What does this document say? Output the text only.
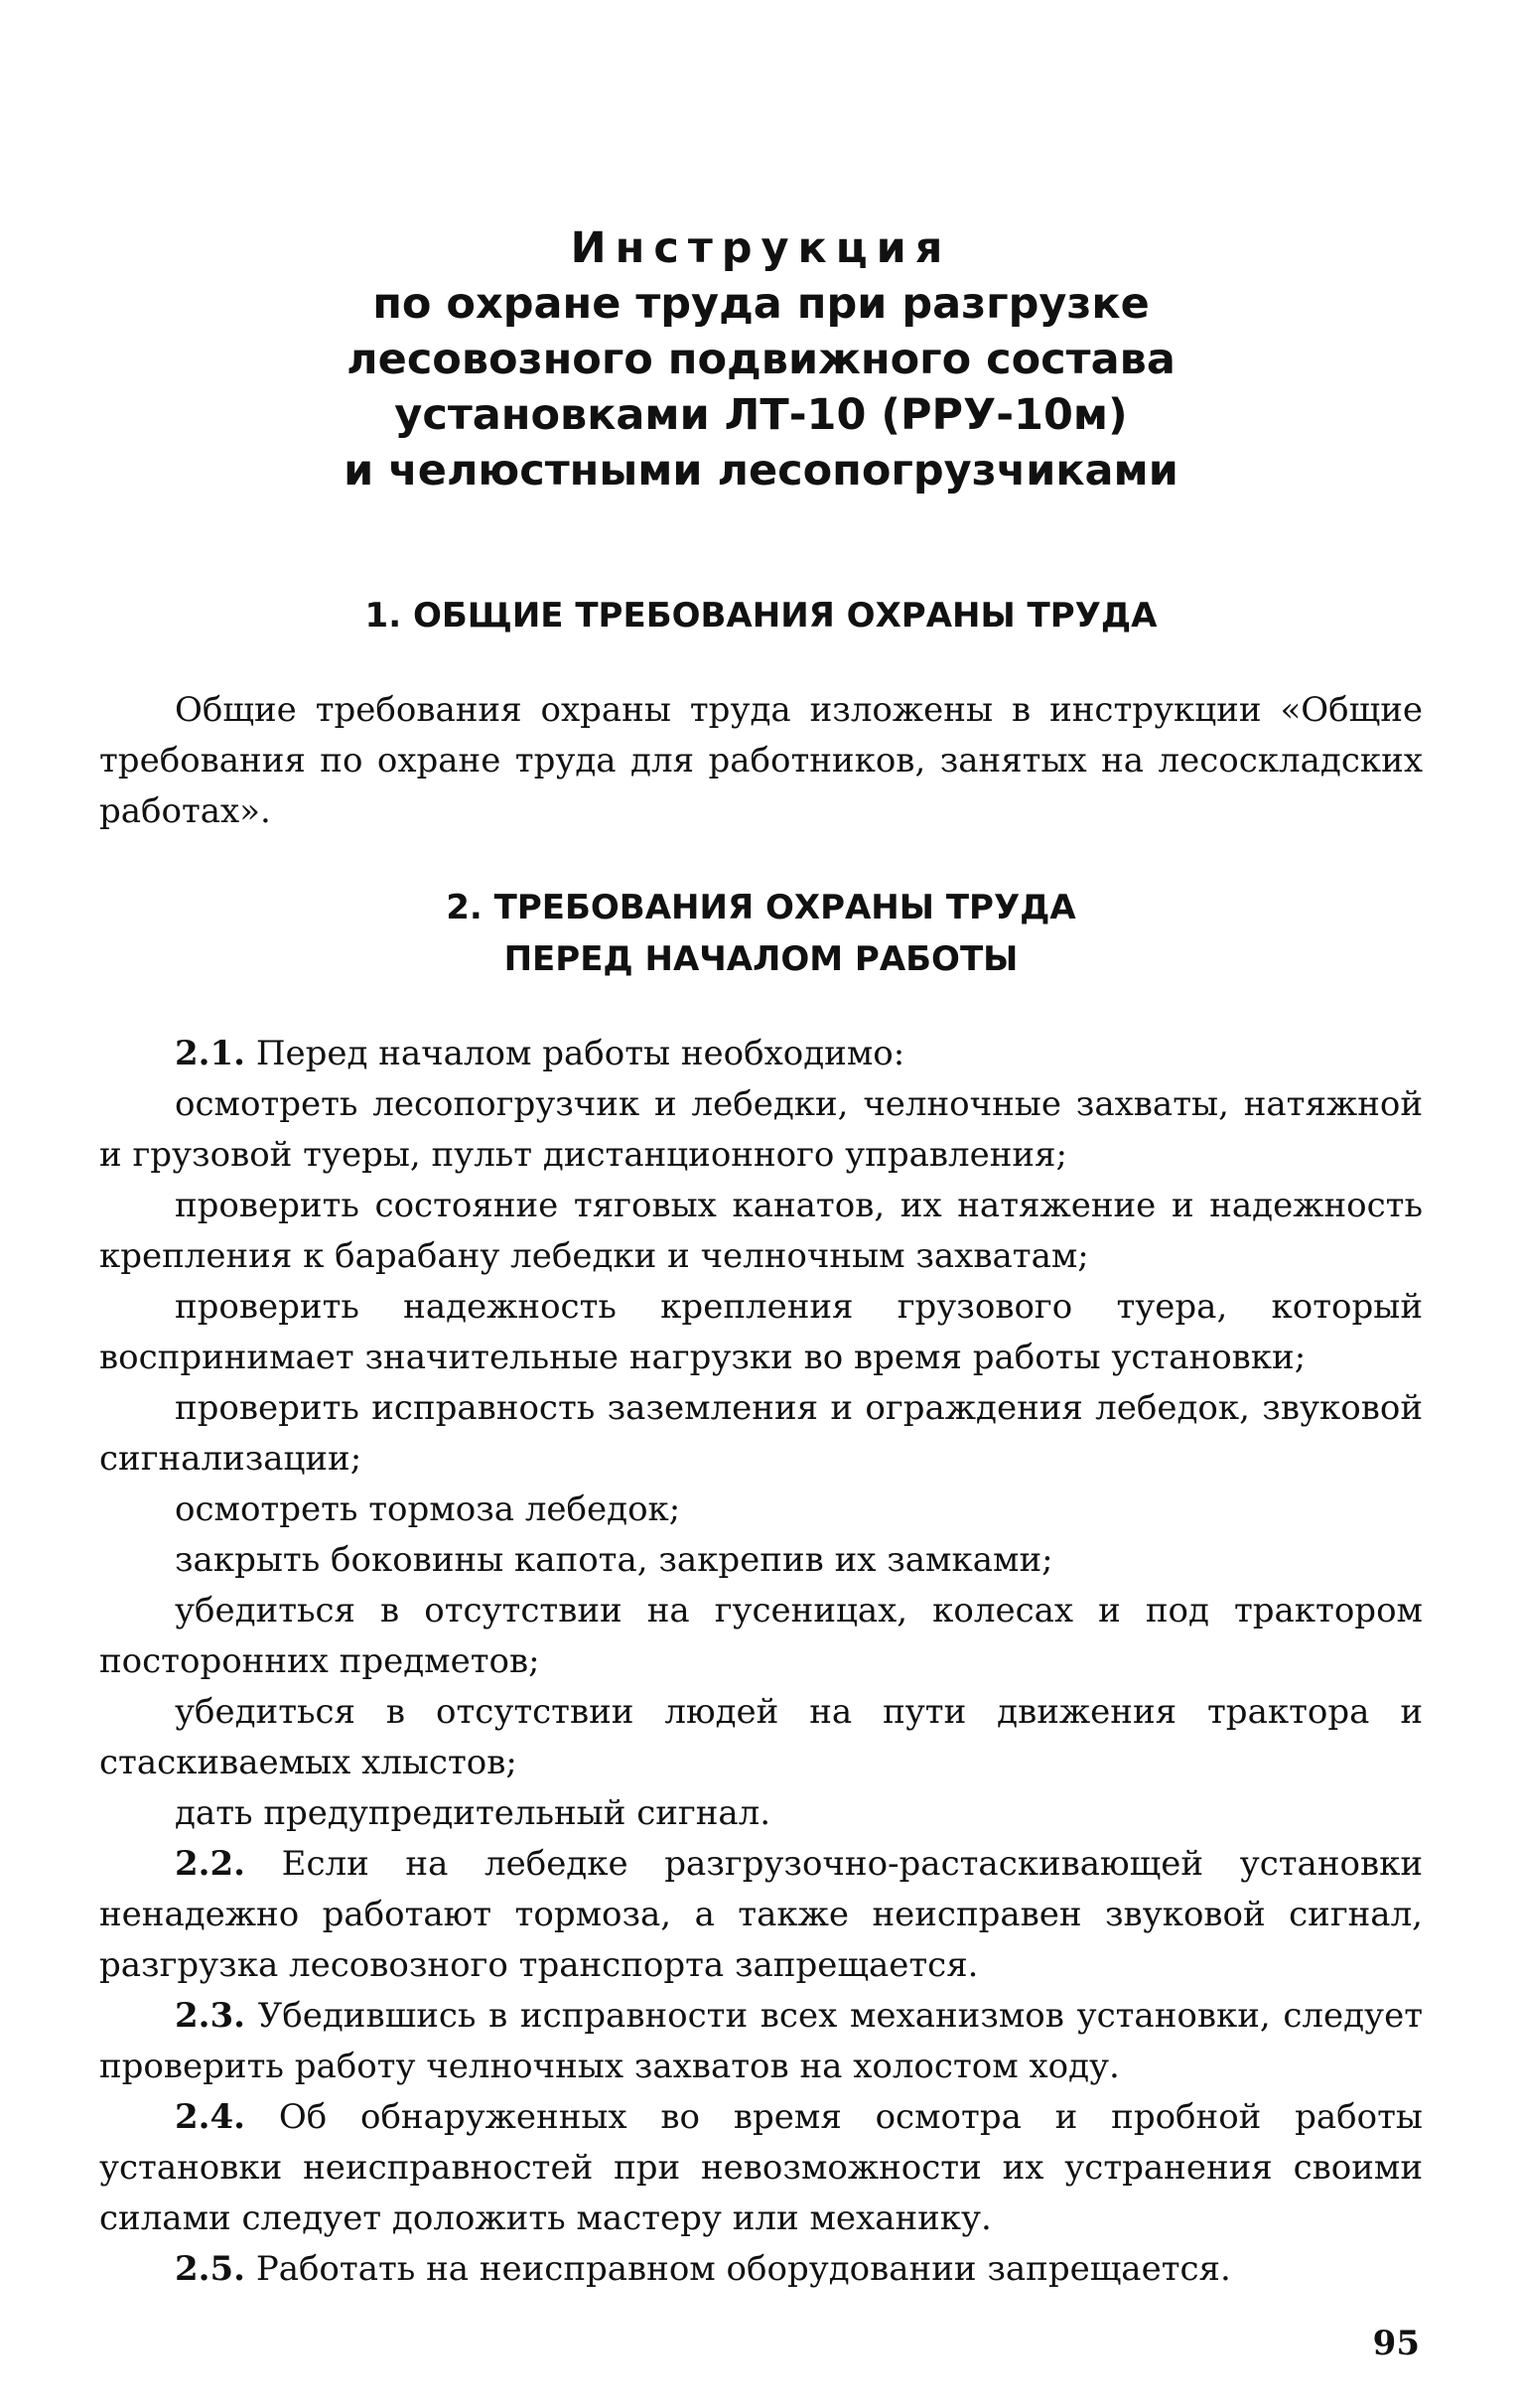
Инструкция
по охране труда при разгрузке
лесовозного подвижного состава
установками ЛТ-10 (РРУ-10м)
и челюстными лесопогрузчиками
1. ОБЩИЕ ТРЕБОВАНИЯ ОХРАНЫ ТРУДА

Общие требования охраны труда изложены в инструкции «Общие требования по охране труда для работников, занятых на лесоскладских работах».

2. ТРЕБОВАНИЯ ОХРАНЫ ТРУДА
ПЕРЕД НАЧАЛОМ РАБОТЫ

2.1. Перед началом работы необходимо:

осмотреть лесопогрузчик и лебедки, челночные захваты, натяжной и грузовой туеры, пульт дистанционного управления;

проверить состояние тяговых канатов, их натяжение и надежность крепления к барабану лебедки и челночным захватам;

проверить надежность крепления грузового туера, который воспринимает значительные нагрузки во время работы установки;

проверить исправность заземления и ограждения лебедок, звуковой сигнализации;

осмотреть тормоза лебедок;

закрыть боковины капота, закрепив их замками;

убедиться в отсутствии на гусеницах, колесах и под трактором посторонних предметов;

убедиться в отсутствии людей на пути движения трактора и стаскиваемых хлыстов;

дать предупредительный сигнал.

2.2. Если на лебедке разгрузочно-растаскивающей установки ненадежно работают тормоза, а также неисправен звуковой сигнал, разгрузка лесовозного транспорта запрещается.

2.3. Убедившись в исправности всех механизмов установки, следует проверить работу челночных захватов на холостом ходу.

2.4. Об обнаруженных во время осмотра и пробной работы установки неисправностей при невозможности их устранения своими силами следует доложить мастеру или механику.

2.5. Работать на неисправном оборудовании запрещается.

95
